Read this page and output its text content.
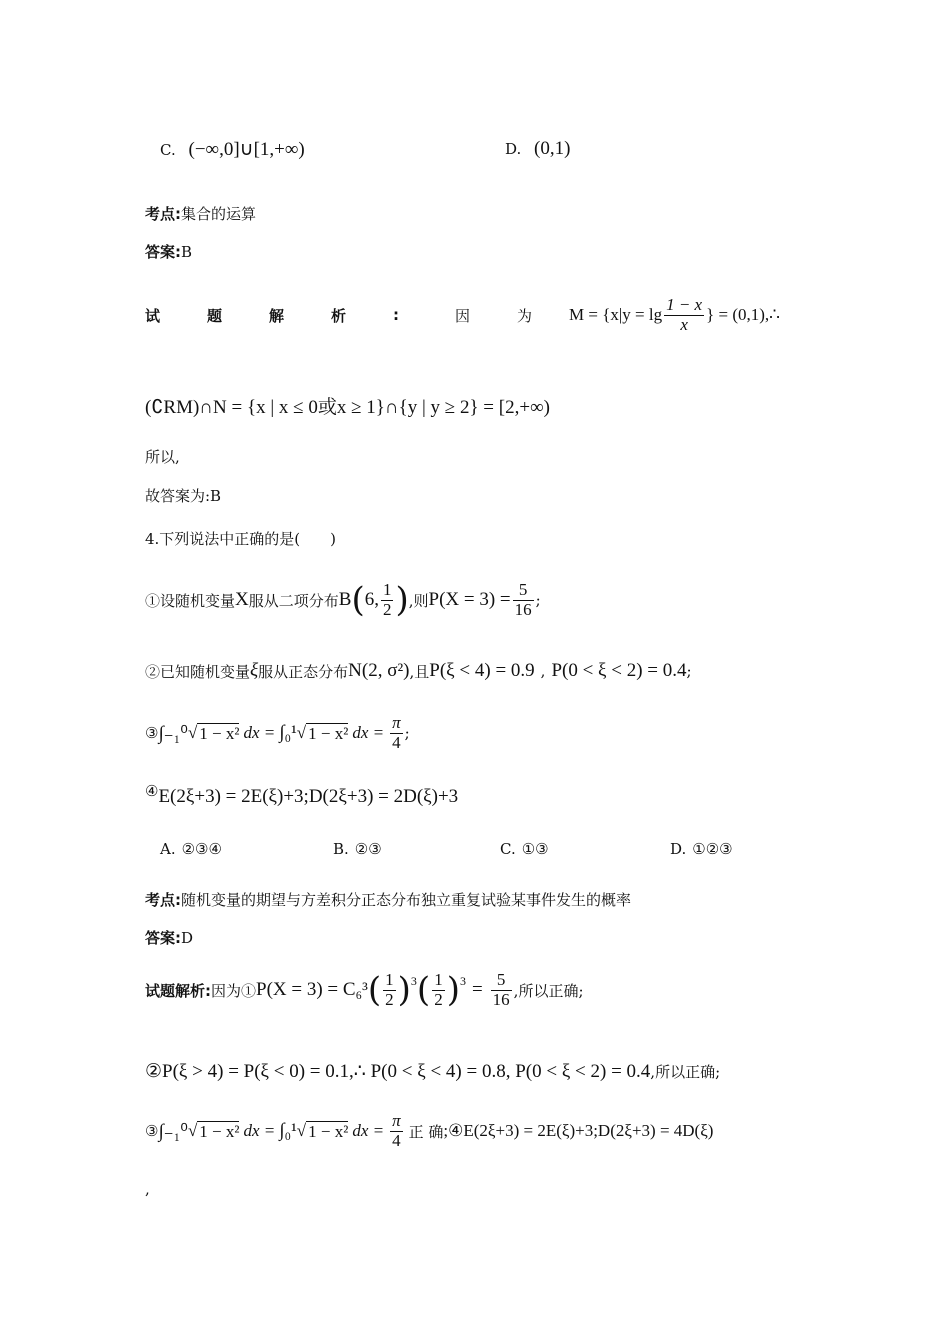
C. (−∞,0]∪[1,+∞)	D. (0,1)
考点:集合的运算
答案:B
试	题	解	析	:	因	为	$M = \{x|y = \lg \frac{1 - x}{x}$ } = (0,1),∴
(∁RM)∩N = {x | x ≤ 0或x ≥ 1}∩{y | y ≥ 2} = [2,+∞)
所以,
故答案为:B
4.下列说法中正确的是(　　)
①设随机变量 X 服从二项分布 B ( 6, $\frac{1}{2}$ ) ,则 $P(X = 3) = \frac{5}{16}$ ;
②已知随机变量 ξ 服从正态分布 N(2, σ²) ,且 P(ξ < 4) = 0.9 , P(0 < ξ < 2) = 0.4 ;
③ ∫₋₁⁰ √ 1 − x² dx = ∫₀¹ √ 1 − x² dx = $\frac{\pi}{4}$ ;
④ E(2ξ+3) = 2E(ξ)+3;D(2ξ+3) = 2D(ξ)+3
A. ②③④	B. ②③	C. ①③	D. ①②③
考点:随机变量的期望与方差积分正态分布独立重复试验某事件发生的概率
答案:D
试题解析: 因为① P(X = 3) = C₆³ ( $\frac{1}{2} )^3$ ( $\frac{1}{2} )^3 = \frac{5}{16}$ ,所以正确;
②P(ξ > 4) = P(ξ < 0) = 0.1,∴ P(0 < ξ < 4) = 0.8, P(0 < ξ < 2) = 0.4 ,所以正确;
③ ∫₋₁⁰ √ 1 − x² dx = ∫₀¹ √ 1 − x² dx = $\frac{\pi}{4}$ 正 确 ;④E(2ξ+3) = 2E(ξ)+3;D(2ξ+3) = 4D(ξ)
,
